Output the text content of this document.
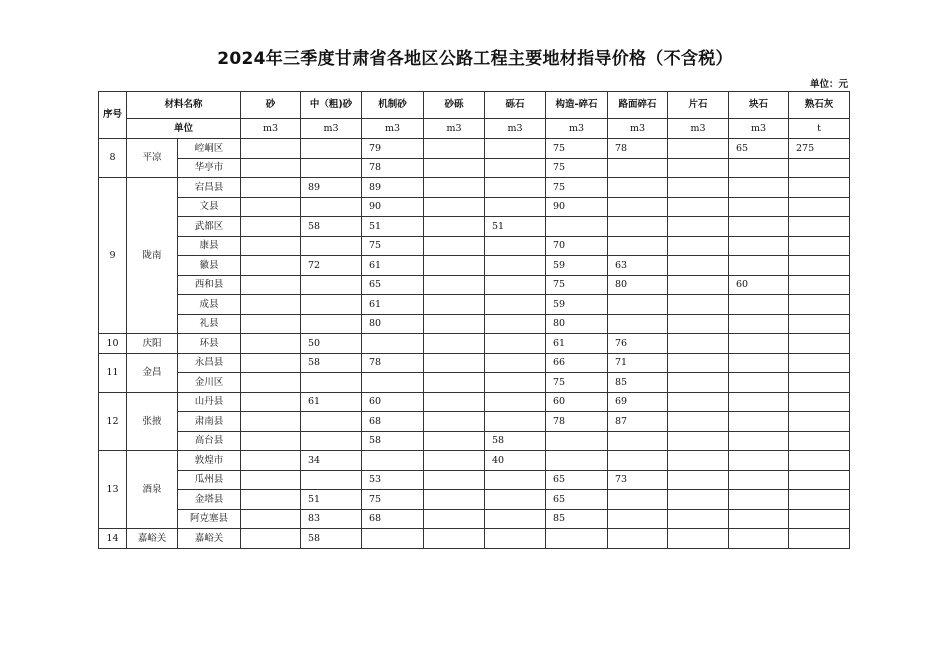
2024年三季度甘肃省各地区公路工程主要地材指导价格（不含税）
单位：元
序号	材料名称		砂	中（粗)砂	机制砂	砂砾	砾石	构造-碎石	路面碎石	片石	块石	熟石灰
	单位		m3	m3	m3	m3	m3	m3	m3	m3	m3	t
8	平凉	崆峒区			79			75	78		65	275
		华亭市			78			75				
9	陇南	宕昌县		89	89			75				
		文县			90			90				
		武都区		58	51		51					
		康县			75			70				
		徽县		72	61			59	63			
		西和县			65			75	80		60	
		成县			61			59				
		礼县			80			80				
10	庆阳	环县		50				61	76			
11	金昌	永昌县		58	78			66	71			
		金川区						75	85			
12	张掖	山丹县		61	60			60	69			
		肃南县			68			78	87			
		高台县			58		58					
13	酒泉	敦煌市		34			40					
		瓜州县			53			65	73			
		金塔县		51	75			65				
		阿克塞县		83	68			85				
14	嘉峪关	嘉峪关		58								
